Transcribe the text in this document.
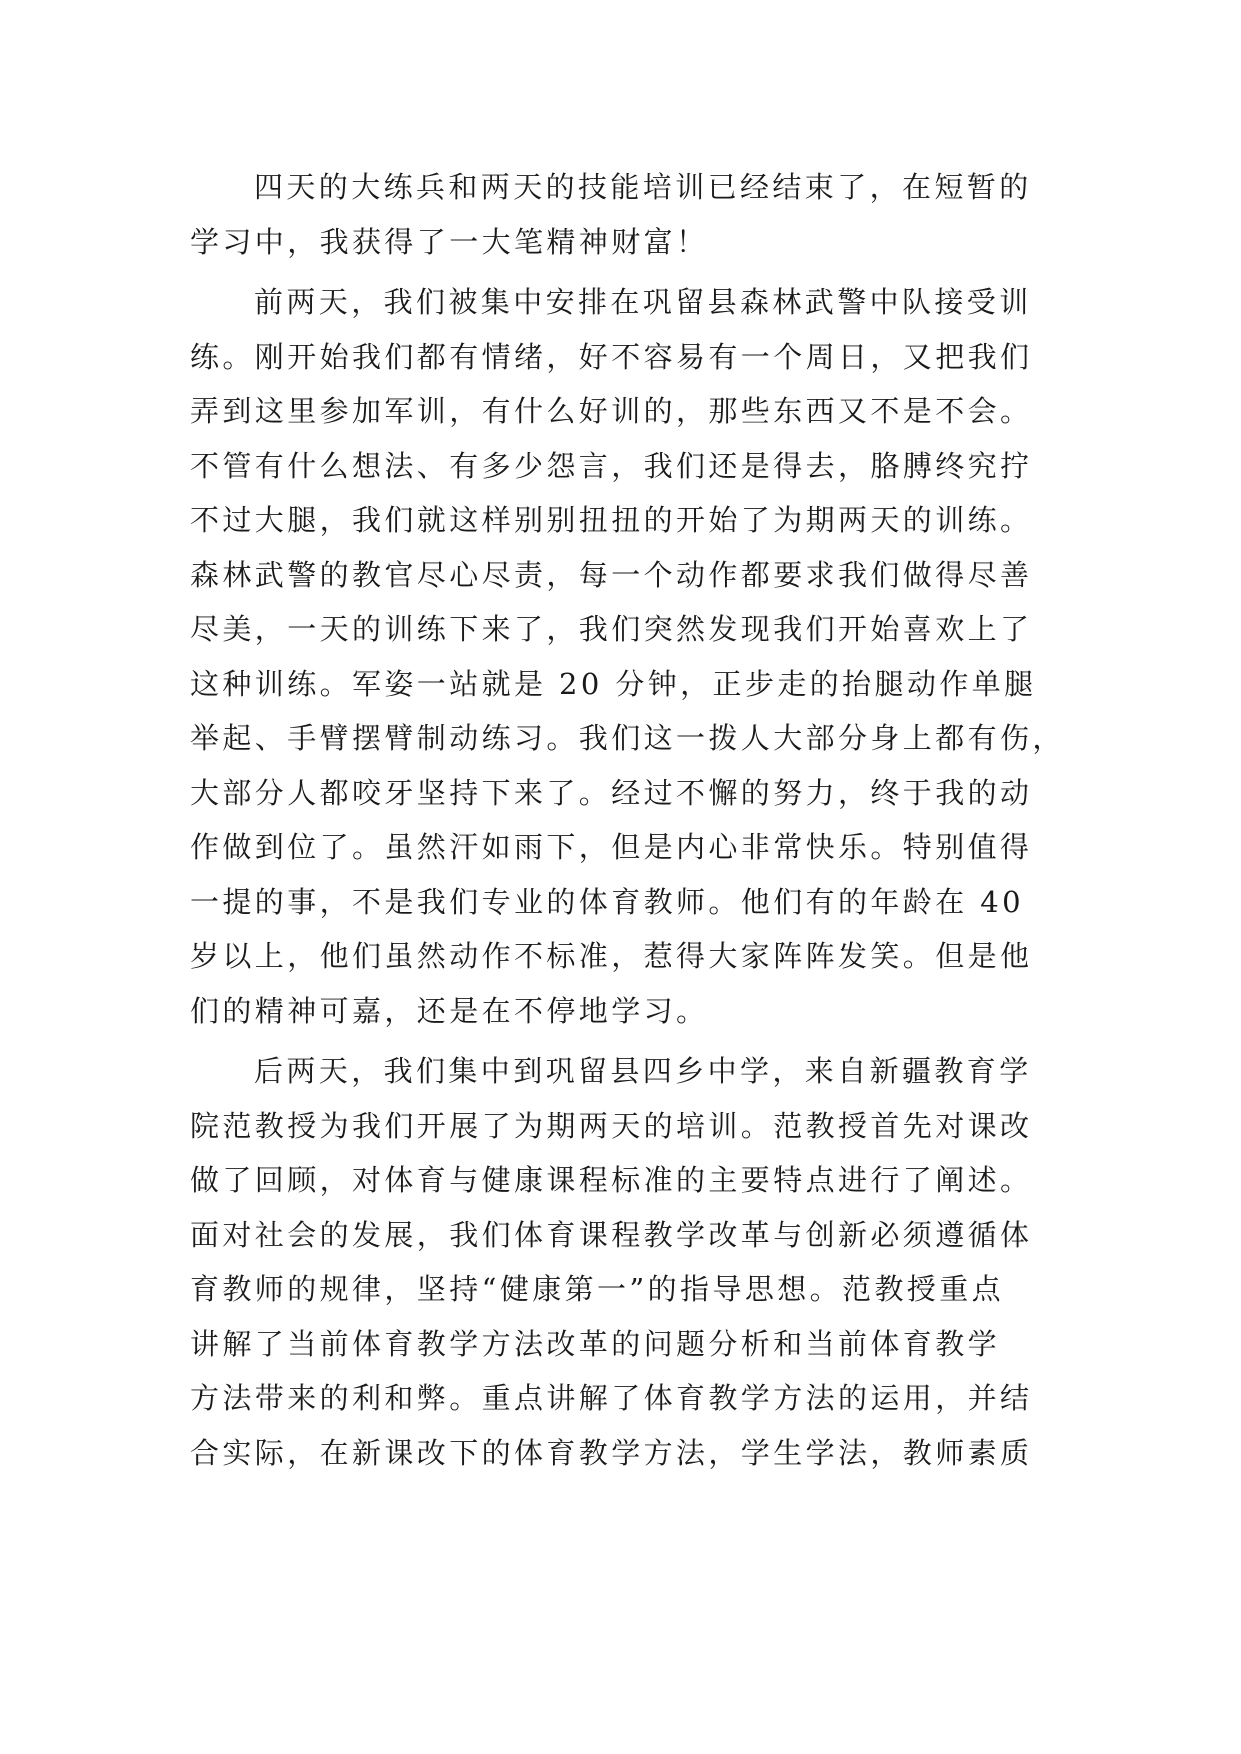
四天的大练兵和两天的技能培训已经结束了，在短暂的
学习中，我获得了一大笔精神财富！
前两天，我们被集中安排在巩留县森林武警中队接受训
练。刚开始我们都有情绪，好不容易有一个周日，又把我们
弄到这里参加军训，有什么好训的，那些东西又不是不会。
不管有什么想法、有多少怨言，我们还是得去，胳膊终究拧
不过大腿，我们就这样别别扭扭的开始了为期两天的训练。
森林武警的教官尽心尽责，每一个动作都要求我们做得尽善
尽美，一天的训练下来了，我们突然发现我们开始喜欢上了
这种训练。军姿一站就是 20 分钟，正步走的抬腿动作单腿
举起、手臂摆臂制动练习。我们这一拨人大部分身上都有伤，
大部分人都咬牙坚持下来了。经过不懈的努力，终于我的动
作做到位了。虽然汗如雨下，但是内心非常快乐。特别值得
一提的事，不是我们专业的体育教师。他们有的年龄在 40
岁以上，他们虽然动作不标准，惹得大家阵阵发笑。但是他
们的精神可嘉，还是在不停地学习。
后两天，我们集中到巩留县四乡中学，来自新疆教育学
院范教授为我们开展了为期两天的培训。范教授首先对课改
做了回顾，对体育与健康课程标准的主要特点进行了阐述。
面对社会的发展，我们体育课程教学改革与创新必须遵循体
育教师的规律，坚持“健康第一”的指导思想。范教授重点
讲解了当前体育教学方法改革的问题分析和当前体育教学
方法带来的利和弊。重点讲解了体育教学方法的运用，并结
合实际，在新课改下的体育教学方法，学生学法，教师素质
